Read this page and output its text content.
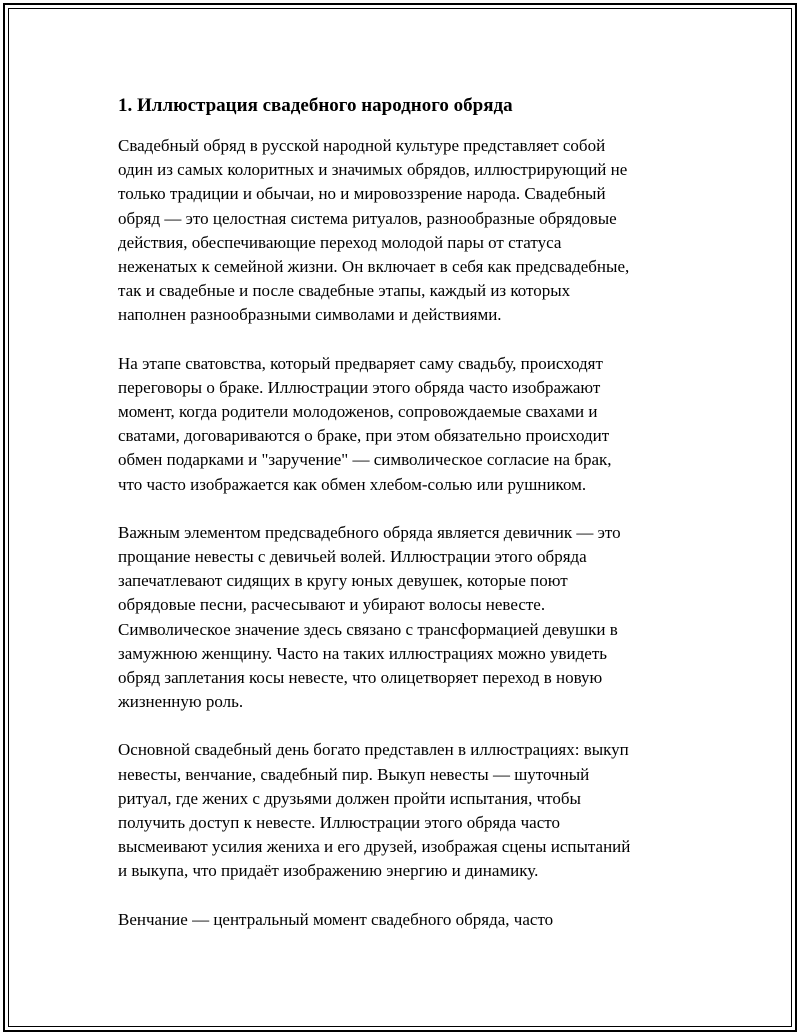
1. Иллюстрация свадебного народного обряда
Свадебный обряд в русской народной культуре представляет собой
один из самых колоритных и значимых обрядов, иллюстрирующий не
только традиции и обычаи, но и мировоззрение народа. Свадебный
обряд — это целостная система ритуалов, разнообразные обрядовые
действия, обеспечивающие переход молодой пары от статуса
неженатых к семейной жизни. Он включает в себя как предсвадебные,
так и свадебные и после свадебные этапы, каждый из которых
наполнен разнообразными символами и действиями.
На этапе сватовства, который предваряет саму свадьбу, происходят
переговоры о браке. Иллюстрации этого обряда часто изображают
момент, когда родители молодоженов, сопровождаемые свахами и
сватами, договариваются о браке, при этом обязательно происходит
обмен подарками и "заручение" — символическое согласие на брак,
что часто изображается как обмен хлебом-солью или рушником.
Важным элементом предсвадебного обряда является девичник — это
прощание невесты с девичьей волей. Иллюстрации этого обряда
запечатлевают сидящих в кругу юных девушек, которые поют
обрядовые песни, расчесывают и убирают волосы невесте.
Символическое значение здесь связано с трансформацией девушки в
замужнюю женщину. Часто на таких иллюстрациях можно увидеть
обряд заплетания косы невесте, что олицетворяет переход в новую
жизненную роль.
Основной свадебный день богато представлен в иллюстрациях: выкуп
невесты, венчание, свадебный пир. Выкуп невесты — шуточный
ритуал, где жених с друзьями должен пройти испытания, чтобы
получить доступ к невесте. Иллюстрации этого обряда часто
высмеивают усилия жениха и его друзей, изображая сцены испытаний
и выкупа, что придаёт изображению энергию и динамику.
Венчание — центральный момент свадебного обряда, часто
